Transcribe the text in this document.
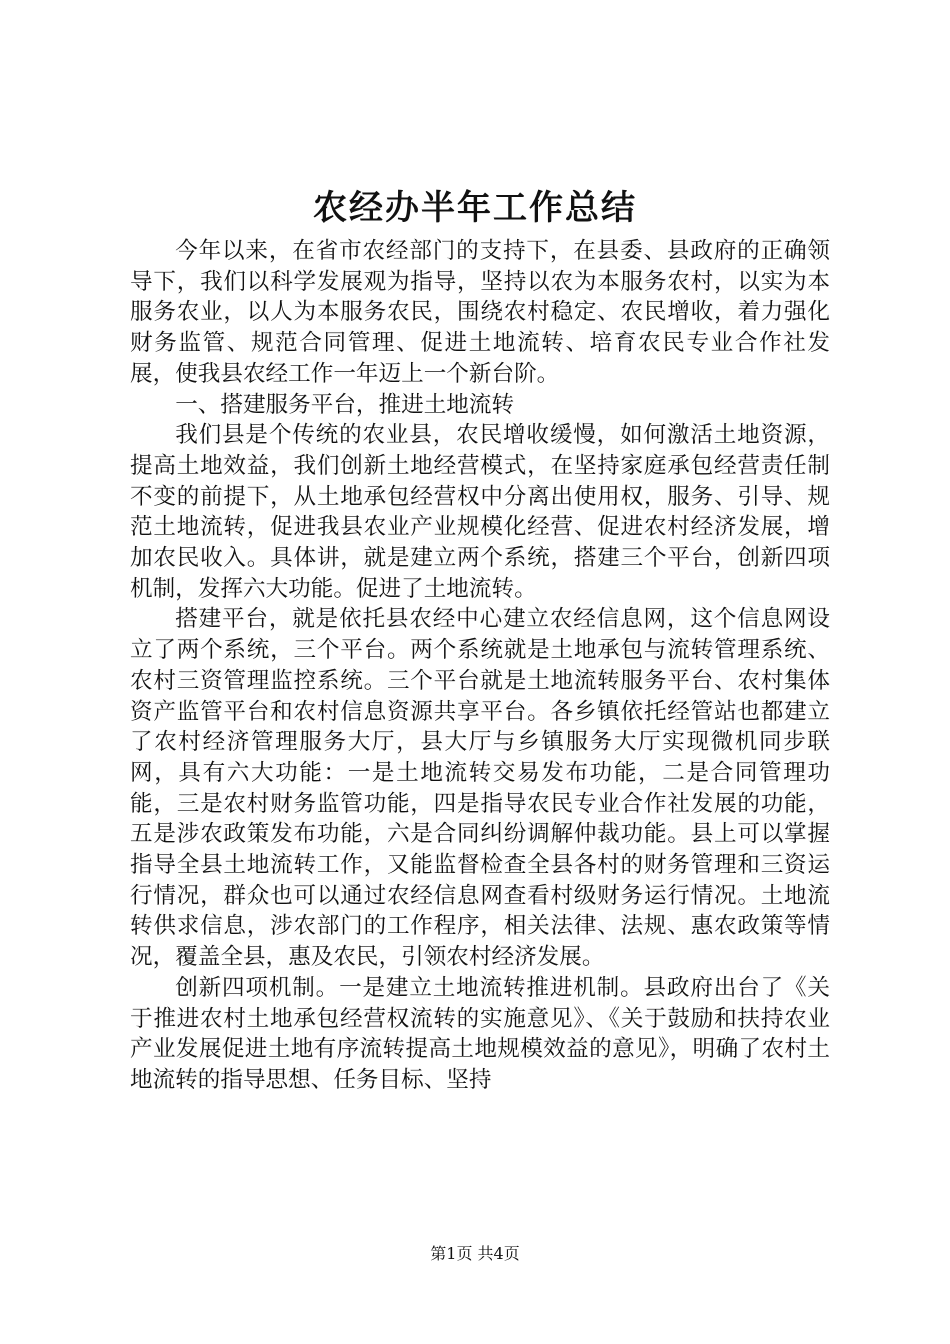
农经办半年工作总结

今年以来，在省市农经部门的支持下，在县委、县政府的正确领导下，我们以科学发展观为指导，坚持以农为本服务农村，以实为本服务农业，以人为本服务农民，围绕农村稳定、农民增收，着力强化财务监管、规范合同管理、促进土地流转、培育农民专业合作社发展，使我县农经工作一年迈上一个新台阶。

一、搭建服务平台，推进土地流转

我们县是个传统的农业县，农民增收缓慢，如何激活土地资源，提高土地效益，我们创新土地经营模式，在坚持家庭承包经营责任制不变的前提下，从土地承包经营权中分离出使用权，服务、引导、规范土地流转，促进我县农业产业规模化经营、促进农村经济发展，增加农民收入。具体讲，就是建立两个系统，搭建三个平台，创新四项机制，发挥六大功能。促进了土地流转。

搭建平台，就是依托县农经中心建立农经信息网，这个信息网设立了两个系统，三个平台。两个系统就是土地承包与流转管理系统、农村三资管理监控系统。三个平台就是土地流转服务平台、农村集体资产监管平台和农村信息资源共享平台。各乡镇依托经管站也都建立了农村经济管理服务大厅，县大厅与乡镇服务大厅实现微机同步联网，具有六大功能：一是土地流转交易发布功能，二是合同管理功能，三是农村财务监管功能，四是指导农民专业合作社发展的功能，五是涉农政策发布功能，六是合同纠纷调解仲裁功能。县上可以掌握指导全县土地流转工作，又能监督检查全县各村的财务管理和三资运行情况，群众也可以通过农经信息网查看村级财务运行情况。土地流转供求信息，涉农部门的工作程序，相关法律、法规、惠农政策等情况，覆盖全县，惠及农民，引领农村经济发展。

创新四项机制。一是建立土地流转推进机制。县政府出台了《关于推进农村土地承包经营权流转的实施意见》、《关于鼓励和扶持农业产业发展促进土地有序流转提高土地规模效益的意见》，明确了农村土地流转的指导思想、任务目标、坚持

第1页 共4页
